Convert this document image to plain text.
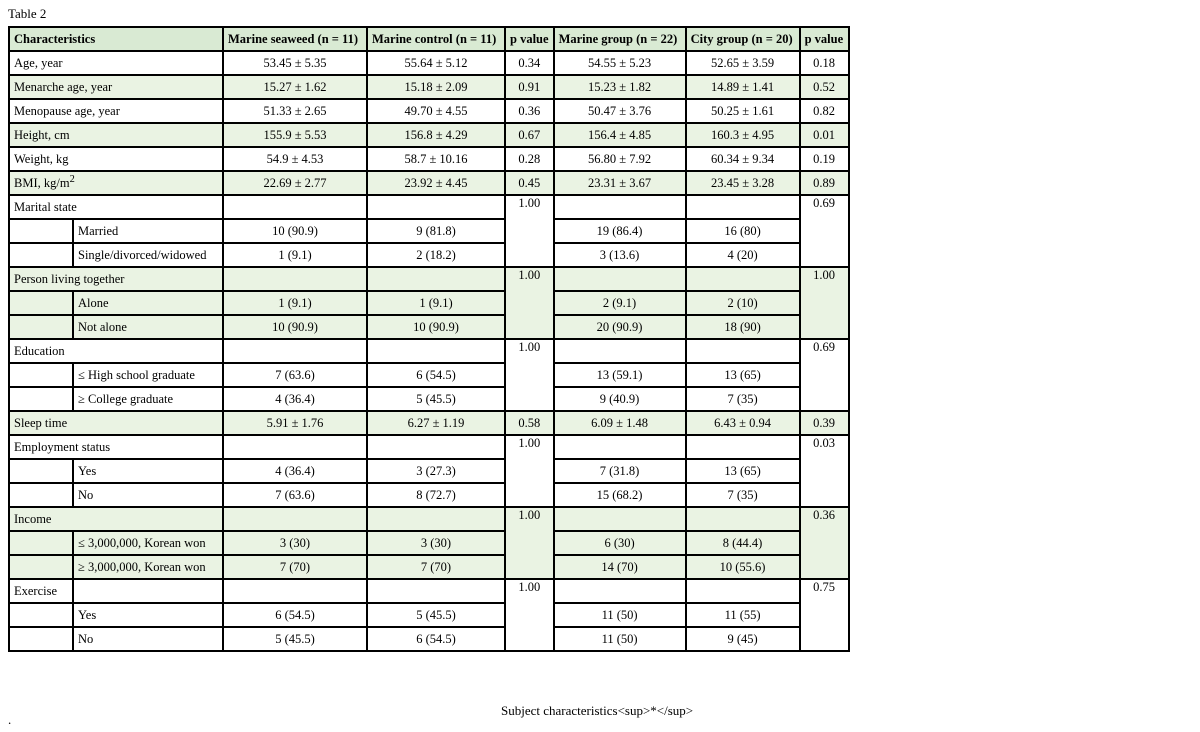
Table 2
Characteristics		Marine seaweed (n = 11)	Marine control (n = 11)	p value	Marine group (n = 22)	City group (n = 20)	p value
Age, year		53.45 ± 5.35	55.64 ± 5.12	0.34	54.55 ± 5.23	52.65 ± 3.59	0.18
Menarche age, year		15.27 ± 1.62	15.18 ± 2.09	0.91	15.23 ± 1.82	14.89 ± 1.41	0.52
Menopause age, year		51.33 ± 2.65	49.70 ± 4.55	0.36	50.47 ± 3.76	50.25 ± 1.61	0.82
Height, cm		155.9 ± 5.53	156.8 ± 4.29	0.67	156.4 ± 4.85	160.3 ± 4.95	0.01
Weight, kg		54.9 ± 4.53	58.7 ± 10.16	0.28	56.80 ± 7.92	60.34 ± 9.34	0.19
BMI, $kg/m^2$		22.69 ± 2.77	23.92 ± 4.45	0.45	23.31 ± 3.67	23.45 ± 3.28	0.89
Marital state				1.00			0.69
	Married	10 (90.9)	9 (81.8)		19 (86.4)	16 (80)	
	Single/divorced/widowed	1 (9.1)	2 (18.2)		3 (13.6)	4 (20)	
Person living together				1.00			1.00
	Alone	1 (9.1)	1 (9.1)		2 (9.1)	2 (10)	
	Not alone	10 (90.9)	10 (90.9)		20 (90.9)	18 (90)	
Education				1.00			0.69
	≤ High school graduate	7 (63.6)	6 (54.5)		13 (59.1)	13 (65)	
	≥ College graduate	4 (36.4)	5 (45.5)		9 (40.9)	7 (35)	
Sleep time		5.91 ± 1.76	6.27 ± 1.19	0.58	6.09 ± 1.48	6.43 ± 0.94	0.39
Employment status				1.00			0.03
	Yes	4 (36.4)	3 (27.3)		7 (31.8)	13 (65)	
	No	7 (63.6)	8 (72.7)		15 (68.2)	7 (35)	
Income				1.00			0.36
	≤ 3,000,000, Korean won	3 (30)	3 (30)		6 (30)	8 (44.4)	
	≥ 3,000,000, Korean won	7 (70)	7 (70)		14 (70)	10 (55.6)	
Exercise				1.00			0.75
	Yes	6 (54.5)	5 (45.5)		11 (50)	11 (55)	
	No	5 (45.5)	6 (54.5)		11 (50)	9 (45)	
Subject characteristics<sup>*</sup>
.
